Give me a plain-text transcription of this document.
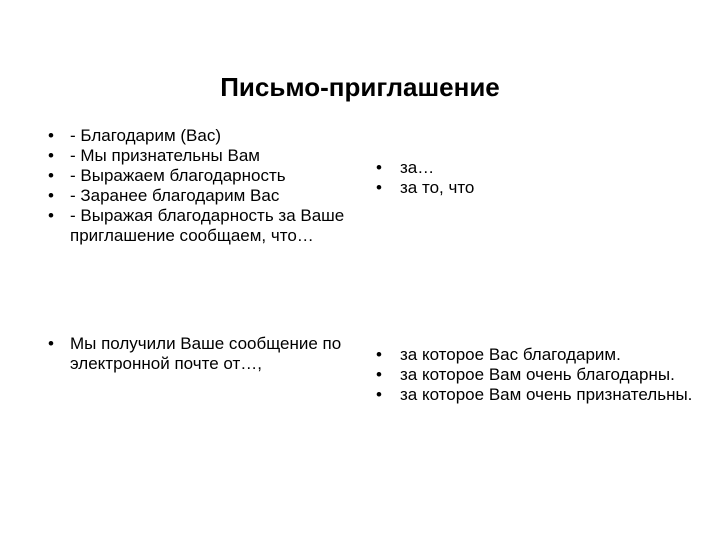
Письмо-приглашение
• - Благодарим (Вас)
• - Мы признательны Вам
• - Выражаем благодарность
• - Заранее благодарим Вас
• - Выражая благодарность за Ваше приглашение сообщаем, что…
• за…
• за то, что
• Мы получили Ваше сообщение по электронной почте от…,	• за которое Вас благодарим.
• за которое Вам очень благодарны.
• за которое Вам очень признательны.
